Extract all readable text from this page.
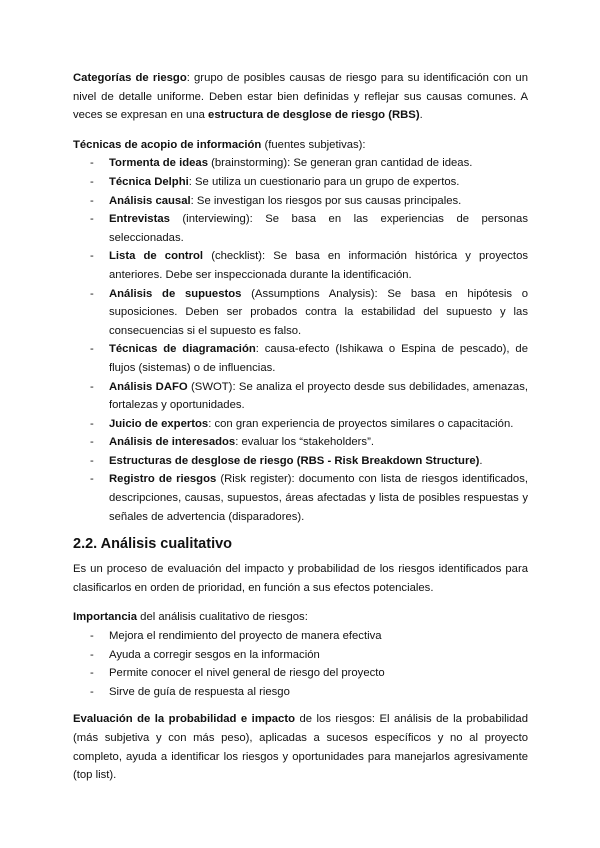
Categorías de riesgo: grupo de posibles causas de riesgo para su identificación con un nivel de detalle uniforme. Deben estar bien definidas y reflejar sus causas comunes. A veces se expresan en una estructura de desglose de riesgo (RBS).

Técnicas de acopio de información (fuentes subjetivas):

- Tormenta de ideas (brainstorming): Se generan gran cantidad de ideas.
- Técnica Delphi: Se utiliza un cuestionario para un grupo de expertos.
- Análisis causal: Se investigan los riesgos por sus causas principales.
- Entrevistas (interviewing): Se basa en las experiencias de personas seleccionadas.
- Lista de control (checklist): Se basa en información histórica y proyectos anteriores. Debe ser inspeccionada durante la identificación.
- Análisis de supuestos (Assumptions Analysis): Se basa en hipótesis o suposiciones. Deben ser probados contra la estabilidad del supuesto y las consecuencias si el supuesto es falso.
- Técnicas de diagramación: causa-efecto (Ishikawa o Espina de pescado), de flujos (sistemas) o de influencias.
- Análisis DAFO (SWOT): Se analiza el proyecto desde sus debilidades, amenazas, fortalezas y oportunidades.
- Juicio de expertos: con gran experiencia de proyectos similares o capacitación.
- Análisis de interesados: evaluar los “stakeholders”.
- Estructuras de desglose de riesgo (RBS - Risk Breakdown Structure).
- Registro de riesgos (Risk register): documento con lista de riesgos identificados, descripciones, causas, supuestos, áreas afectadas y lista de posibles respuestas y señales de advertencia (disparadores).
2.2. Análisis cualitativo

Es un proceso de evaluación del impacto y probabilidad de los riesgos identificados para clasificarlos en orden de prioridad, en función a sus efectos potenciales.

Importancia del análisis cualitativo de riesgos:

- Mejora el rendimiento del proyecto de manera efectiva
- Ayuda a corregir sesgos en la información
- Permite conocer el nivel general de riesgo del proyecto
- Sirve de guía de respuesta al riesgo

Evaluación de la probabilidad e impacto de los riesgos: El análisis de la probabilidad (más subjetiva y con más peso), aplicadas a sucesos específicos y no al proyecto completo, ayuda a identificar los riesgos y oportunidades para manejarlos agresivamente (top list).
